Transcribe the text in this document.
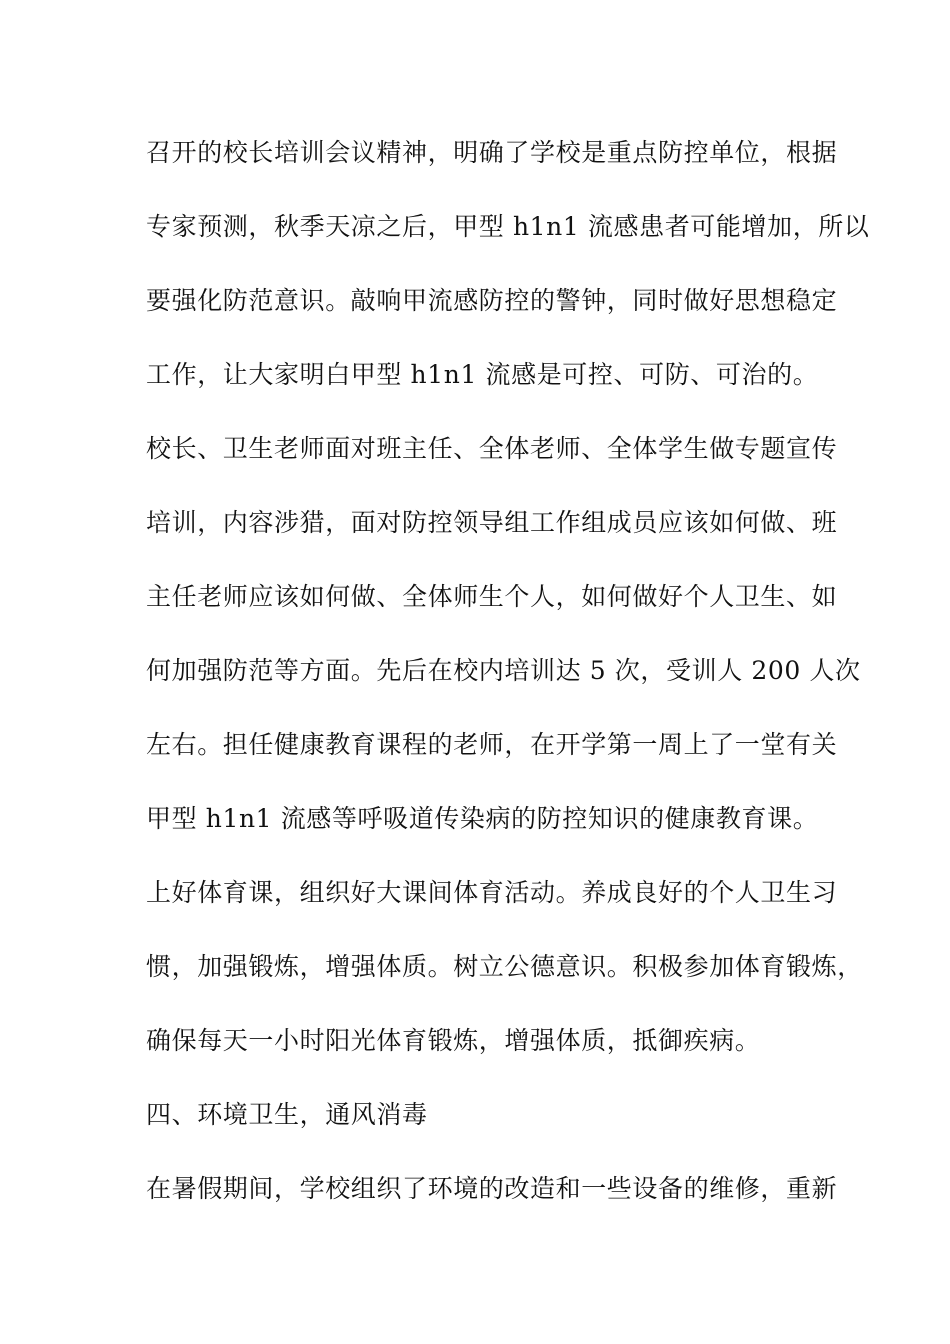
召开的校长培训会议精神，明确了学校是重点防控单位，根据
专家预测，秋季天凉之后，甲型 h1n1 流感患者可能增加，所以
要强化防范意识。敲响甲流感防控的警钟，同时做好思想稳定
工作，让大家明白甲型 h1n1 流感是可控、可防、可治的。
校长、卫生老师面对班主任、全体老师、全体学生做专题宣传
培训，内容涉猎，面对防控领导组工作组成员应该如何做、班
主任老师应该如何做、全体师生个人，如何做好个人卫生、如
何加强防范等方面。先后在校内培训达 5 次，受训人 200 人次
左右。担任健康教育课程的老师，在开学第一周上了一堂有关
甲型 h1n1 流感等呼吸道传染病的防控知识的健康教育课。
上好体育课，组织好大课间体育活动。养成良好的个人卫生习
惯，加强锻炼，增强体质。树立公德意识。积极参加体育锻炼，
确保每天一小时阳光体育锻炼，增强体质，抵御疾病。
四、环境卫生，通风消毒
在暑假期间，学校组织了环境的改造和一些设备的维修，重新
